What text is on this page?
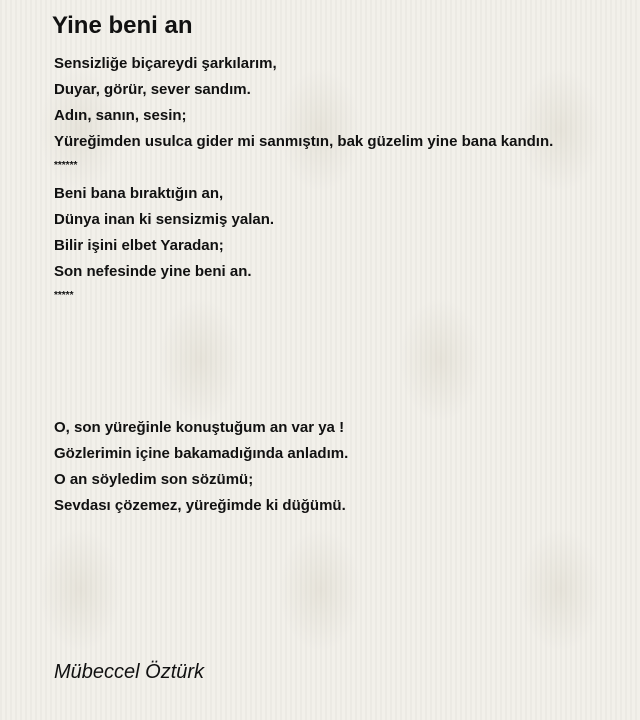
Yine beni an
Sensizliğe biçareydi şarkılarım,
Duyar, görür, sever sandım.
Adın, sanın, sesin;
Yüreğimden usulca gider mi sanmıştın, bak güzelim yine bana kandın.
******
Beni bana bıraktığın an,
Dünya inan ki sensizmiş yalan.
Bilir işini elbet Yaradan;
Son nefesinde yine beni an.
*****
O, son yüreğinle konuştuğum an var ya !
Gözlerimin içine bakamadığında anladım.
O an söyledim son sözümü;
Sevdası çözemez, yüreğimde ki düğümü.
Mübeccel Öztürk
